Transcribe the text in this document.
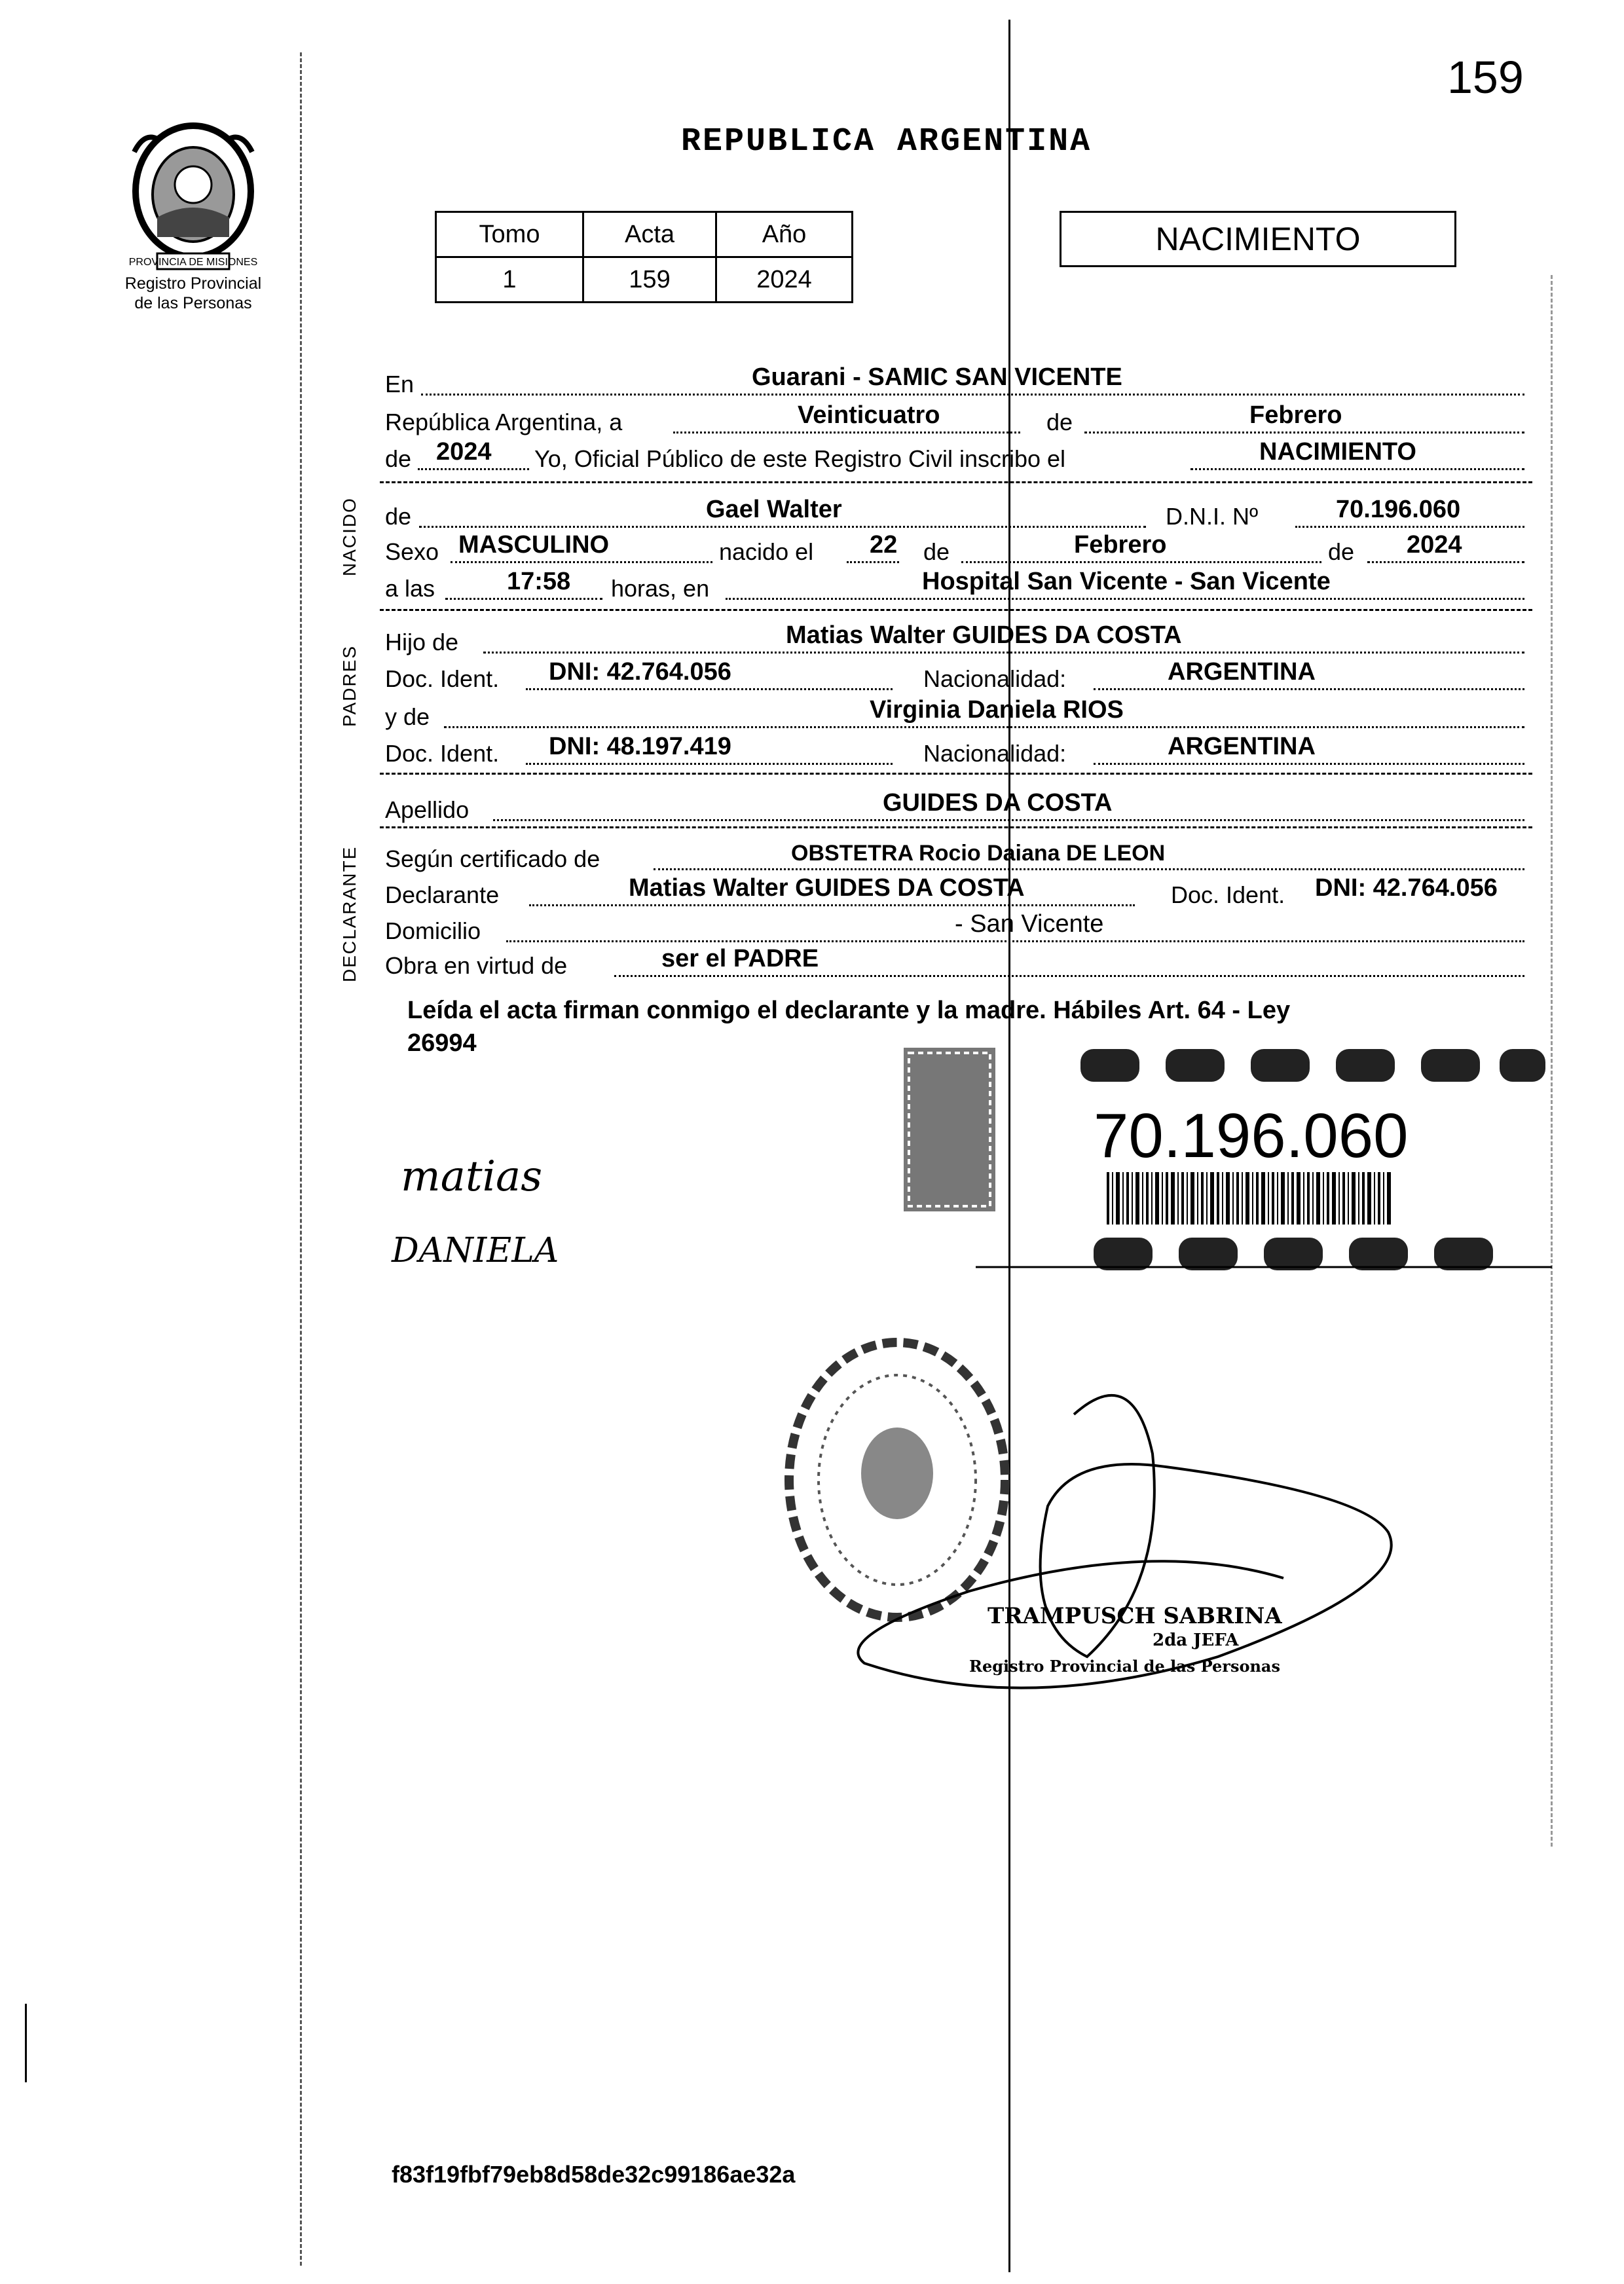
159
REPUBLICA ARGENTINA
PROVINCIA DE MISIONES
Registro Provincial
de las Personas
Tomo	Acta	Año
1	159	2024
NACIMIENTO
NACIDO
PADRES
DECLARANTE
En	Guarani - SAMIC SAN VICENTE
República Argentina, a	Veinticuatro	de	Febrero
de 2024 Yo, Oficial Público de este Registro Civil inscribo el	NACIMIENTO
de	Gael Walter	D.N.I. Nº	70.196.060
Sexo MASCULINO	nacido el 22 de	Febrero	de 2024
a las	17:58 horas, en	Hospital San Vicente - San Vicente
Hijo de	Matias Walter GUIDES DA COSTA
Doc. Ident. DNI: 42.764.056	Nacionalidad:	ARGENTINA
y de	Virginia Daniela RIOS
Doc. Ident. DNI: 48.197.419	Nacionalidad:	ARGENTINA
Apellido	GUIDES DA COSTA
Según certificado de	OBSTETRA Rocio Daiana DE LEON
Declarante	Matias Walter GUIDES DA COSTA	Doc. Ident. DNI: 42.764.056
Domicilio	- San Vicente
Obra en virtud de	ser el PADRE
Leída el acta firman conmigo el declarante y la madre. Hábiles Art. 64 - Ley
26994
70.196.060
matias
DANIELA
TRAMPUSCH SABRINA
2da JEFA
Registro Provincial de las Personas
f83f19fbf79eb8d58de32c99186ae32a
